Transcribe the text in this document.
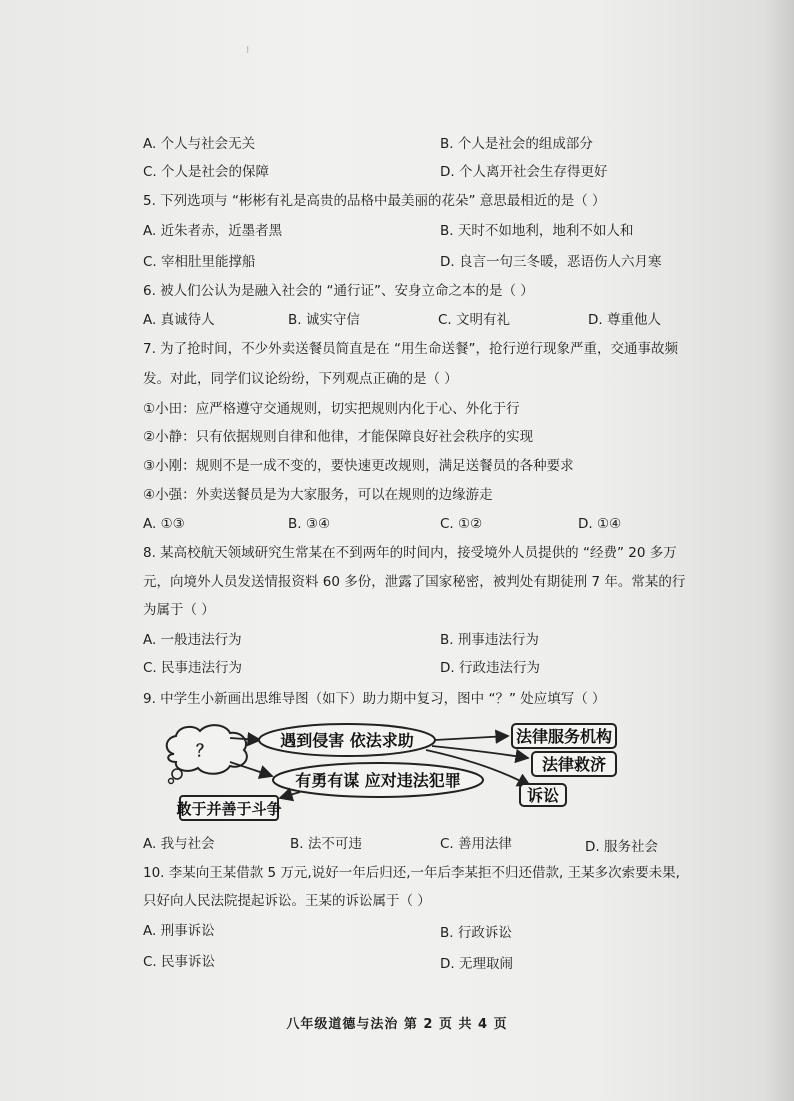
ı
A. 个人与社会无关	B. 个人是社会的组成部分
C. 个人是社会的保障	D. 个人离开社会生存得更好
5. 下列选项与 “彬彬有礼是高贵的品格中最美丽的花朵” 意思最相近的是（ ）
A. 近朱者赤，近墨者黑	B. 天时不如地利，地利不如人和
C. 宰相肚里能撑船	D. 良言一句三冬暖，恶语伤人六月寒
6. 被人们公认为是融入社会的 “通行证”、安身立命之本的是（ ）
A. 真诚待人	B. 诚实守信	C. 文明有礼	D. 尊重他人
7. 为了抢时间，不少外卖送餐员简直是在 “用生命送餐”，抢行逆行现象严重，交通事故频
发。对此，同学们议论纷纷，下列观点正确的是（ ）
①小田：应严格遵守交通规则，切实把规则内化于心、外化于行
②小静：只有依据规则自律和他律，才能保障良好社会秩序的实现
③小刚：规则不是一成不变的，要快速更改规则，满足送餐员的各种要求
④小强：外卖送餐员是为大家服务，可以在规则的边缘游走
A. ①③	B. ③④	C. ①②	D. ①④
8. 某高校航天领域研究生常某在不到两年的时间内，接受境外人员提供的 “经费” 20 多万
元，向境外人员发送情报资料 60 多份，泄露了国家秘密，被判处有期徒刑 7 年。常某的行
为属于（ ）
A. 一般违法行为	B. 刑事违法行为
C. 民事违法行为	D. 行政违法行为
9. 中学生小新画出思维导图（如下）助力期中复习，图中 “？” 处应填写（ ）
？
遇到侵害 依法求助
有勇有谋 应对违法犯罪
法律服务机构
法律救济
诉讼
敢于并善于斗争
A. 我与社会	B. 法不可违	C. 善用法律	D. 服务社会
10. 李某向王某借款 5 万元,说好一年后归还,一年后李某拒不归还借款, 王某多次索要未果,
只好向人民法院提起诉讼。王某的诉讼属于（ ）
A. 刑事诉讼	B. 行政诉讼
C. 民事诉讼	D. 无理取闹
八年级道德与法治 第 2 页 共 4 页
